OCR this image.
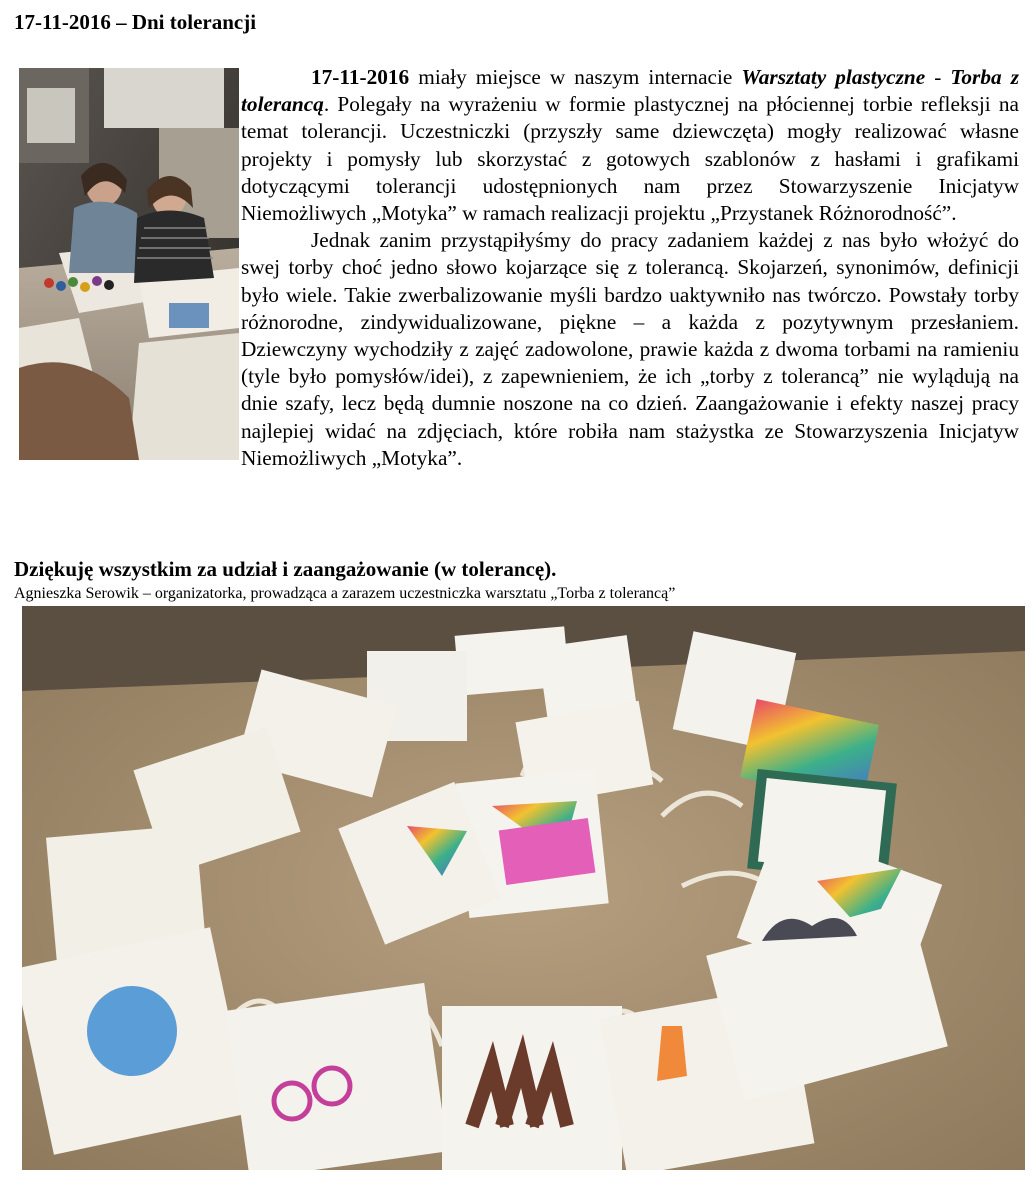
17-11-2016 – Dni tolerancji

17-11-2016 miały miejsce w naszym internacie Warsztaty plastyczne - Torba z tolerancą. Polegały na wyrażeniu w formie plastycznej na płóciennej torbie refleksji na temat tolerancji. Uczestniczki (przyszły same dziewczęta) mogły realizować własne projekty i pomysły lub skorzystać z gotowych szablonów z hasłami i grafikami dotyczącymi tolerancji udostępnionych nam przez Stowarzyszenie Inicjatyw Niemożliwych „Motyka” w ramach realizacji projektu „Przystanek Różnorodność”.

Jednak zanim przystąpiłyśmy do pracy zadaniem każdej z nas było włożyć do swej torby choć jedno słowo kojarzące się z tolerancą. Skojarzeń, synonimów, definicji było wiele. Takie zwerbalizowanie myśli bardzo uaktywniło nas twórczo. Powstały torby różnorodne, zindywidualizowane, piękne – a każda z pozytywnym przesłaniem. Dziewczyny wychodziły z zajęć zadowolone, prawie każda z dwoma torbami na ramieniu (tyle było pomysłów/idei), z zapewnieniem, że ich „torby z tolerancą” nie wylądują na dnie szafy, lecz będą dumnie noszone na co dzień. Zaangażowanie i efekty naszej pracy najlepiej widać na zdjęciach, które robiła nam stażystka ze Stowarzyszenia Inicjatyw Niemożliwych „Motyka”.

Dziękuję wszystkim za udział i zaangażowanie (w tolerancę).
Agnieszka Serowik – organizatorka, prowadząca a zarazem uczestniczka warsztatu „Torba z tolerancą”
